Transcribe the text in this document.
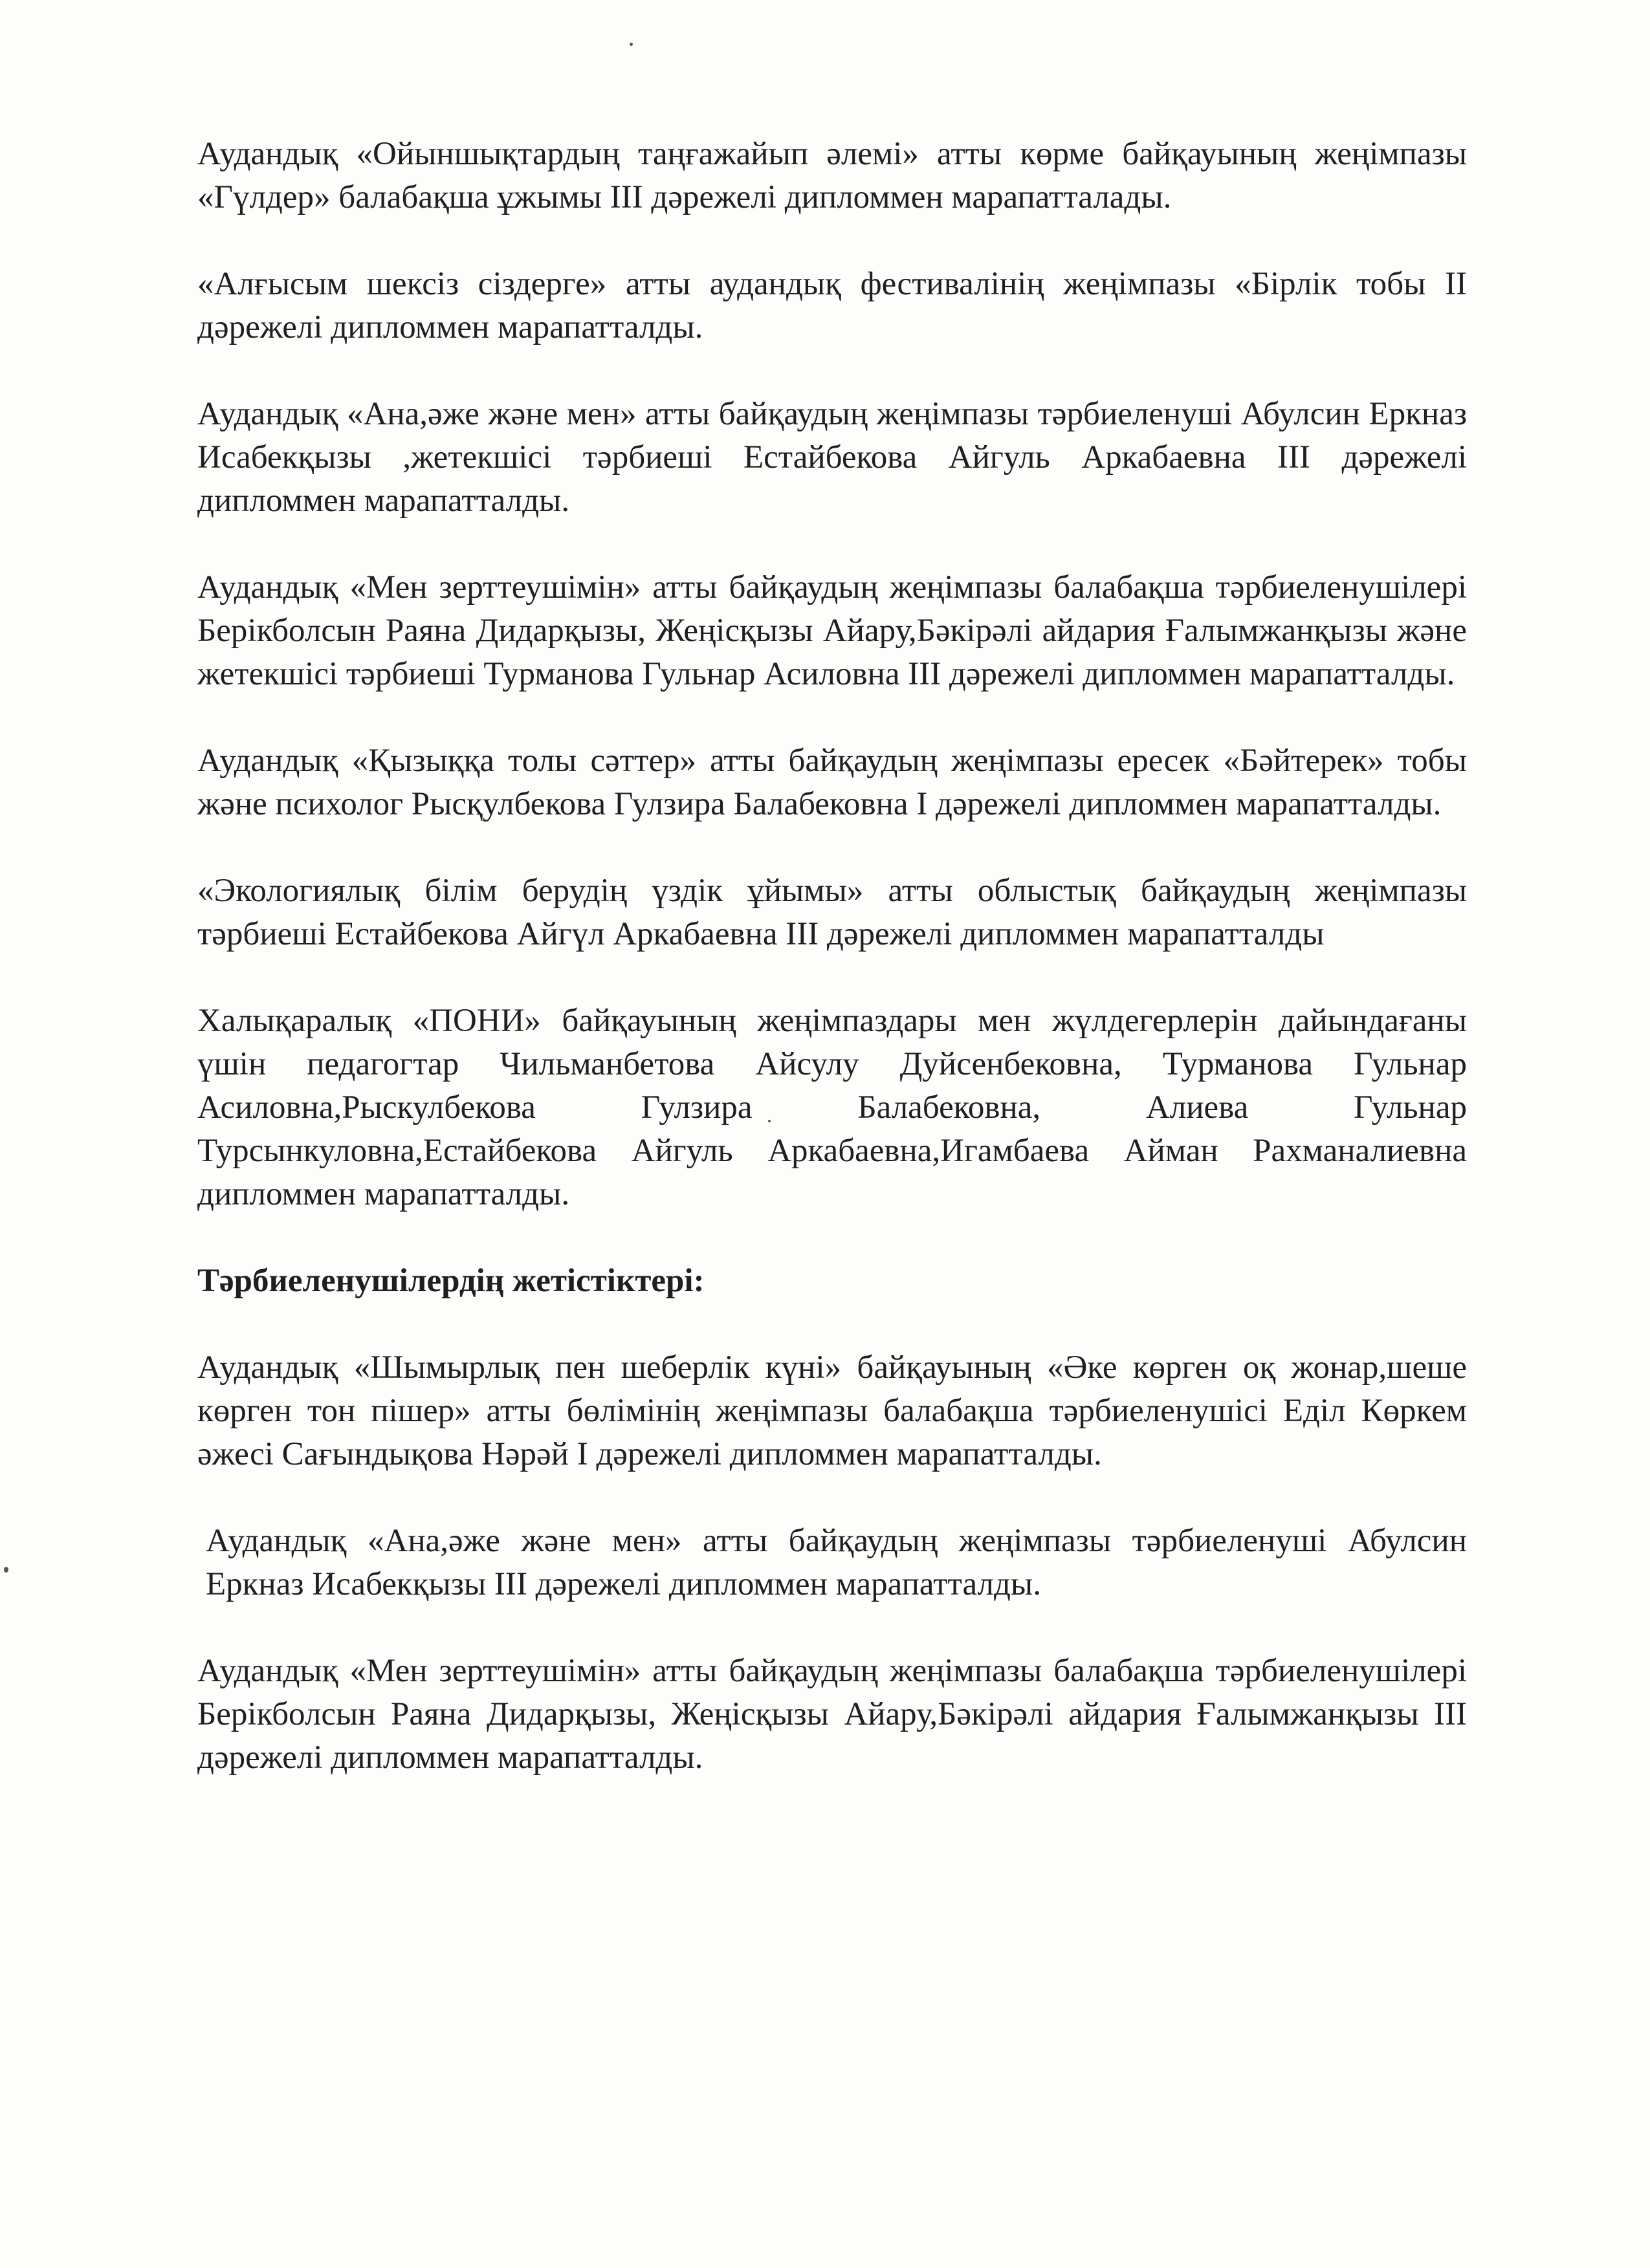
Аудандық «Ойыншықтардың таңғажайып әлемі» атты көрме байқауының жеңімпазы «Гүлдер» балабақша ұжымы ІІІ дәрежелі дипломмен марапатталады.

«Алғысым шексіз сіздерге» атты аудандық фестивалінің жеңімпазы «Бірлік тобы ІІ дәрежелі дипломмен марапатталды.

Аудандық «Ана,әже және мен» атты байқаудың жеңімпазы тәрбиеленуші Абулсин Еркназ Исабекқызы ,жетекшісі тәрбиеші Естайбекова Айгуль Аркабаевна ІІІ дәрежелі дипломмен марапатталды.

Аудандық «Мен зерттеушімін» атты байқаудың жеңімпазы балабақша тәрбиеленушілері Берікболсын Раяна Дидарқызы, Жеңісқызы Айару,Бәкірәлі айдария Ғалымжанқызы және жетекшісі тәрбиеші Турманова Гульнар Асиловна ІІІ дәрежелі дипломмен марапатталды.

Аудандық «Қызыққа толы сәттер» атты байқаудың жеңімпазы ересек «Бәйтерек» тобы және психолог Рысқулбекова Гулзира Балабековна І дәрежелі дипломмен марапатталды.

«Экологиялық білім берудің үздік ұйымы» атты облыстық байқаудың жеңімпазы тәрбиеші Естайбекова Айгүл Аркабаевна ІІІ дәрежелі дипломмен марапатталды

Халықаралық «ПОНИ» байқауының жеңімпаздары мен жүлдегерлерін дайындағаны үшін педагогтар Чильманбетова Айсулу Дуйсенбековна, Турманова Гульнар Асиловна,Рыскулбекова Гулзира Балабековна, Алиева Гульнар Турсынкуловна,Естайбекова Айгуль Аркабаевна,Игамбаева Айман Рахманалиевна дипломмен марапатталды.

Тәрбиеленушілердің жетістіктері:

Аудандық «Шымырлық пен шеберлік күні» байқауының «Әке көрген оқ жонар,шеше көрген тон пішер» атты бөлімінің жеңімпазы балабақша тәрбиеленушісі Еділ Көркем әжесі Сағындықова Нәрәй І дәрежелі дипломмен марапатталды.

Аудандық «Ана,әже және мен» атты байқаудың жеңімпазы тәрбиеленуші Абулсин Еркназ Исабекқызы ІІІ дәрежелі дипломмен марапатталды.

Аудандық «Мен зерттеушімін» атты байқаудың жеңімпазы балабақша тәрбиеленушілері Берікболсын Раяна Дидарқызы, Жеңісқызы Айару,Бәкірәлі айдария Ғалымжанқызы ІІІ дәрежелі дипломмен марапатталды.
